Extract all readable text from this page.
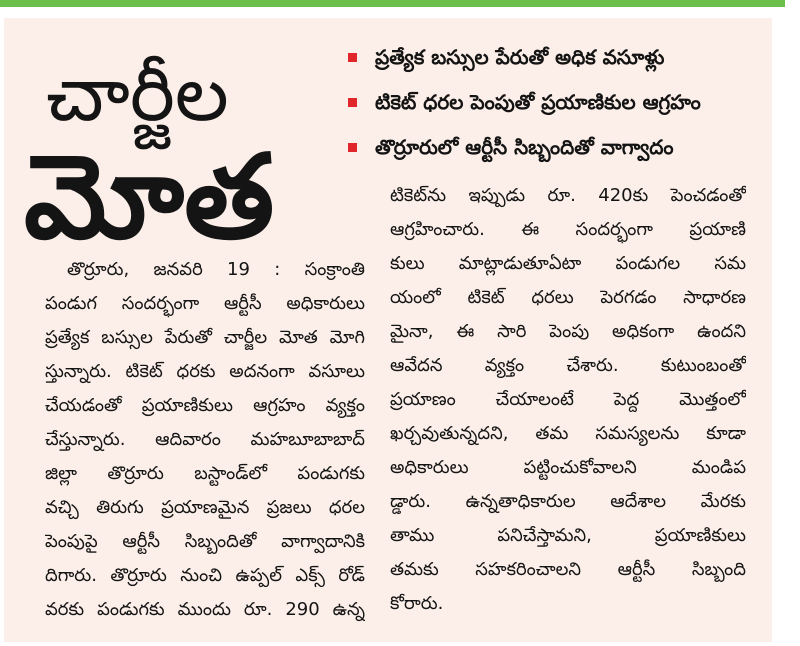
చార్జీల
మోత
ప్రత్యేక బస్సుల పేరుతో అధిక వసూళ్లు
టికెట్ ధరల పెంపుతో ప్రయాణికుల ఆగ్రహం
తొర్రూరులో ఆర్టీసీ సిబ్బందితో వాగ్వాదం
తొర్రూరు, జనవరి 19 : సంక్రాంతి
పండుగ సందర్భంగా ఆర్టీసీ అధికారులు
ప్రత్యేక బస్సుల పేరుతో చార్జీల మోత మోగి
స్తున్నారు. టికెట్ ధరకు అదనంగా వసూలు
చేయడంతో ప్రయాణికులు ఆగ్రహం వ్యక్తం
చేస్తున్నారు. ఆదివారం మహబూబాబాద్
జిల్లా తొర్రూరు బస్టాండ్‌లో పండుగకు
వచ్చి తిరుగు ప్రయాణమైన ప్రజలు ధరల
పెంపుపై ఆర్టీసీ సిబ్బందితో వాగ్వాదానికి
దిగారు. తొర్రూరు నుంచి ఉప్పల్ ఎక్స్ రోడ్
వరకు పండుగకు ముందు రూ. 290 ఉన్న
టికెట్‌ను ఇప్పుడు రూ. 420కు పెంచడంతో
ఆగ్రహించారు. ఈ సందర్భంగా ప్రయాణి
కులు మాట్లాడుతూఏటా పండుగల సమ
యంలో టికెట్ ధరలు పెరగడం సాధారణ
మైనా, ఈ సారి పెంపు అధికంగా ఉందని
ఆవేదన వ్యక్తం చేశారు. కుటుంబంతో
ప్రయాణం చేయాలంటే పెద్ద మొత్తంలో
ఖర్చవుతున్నదని, తమ సమస్యలను కూడా
అధికారులు పట్టించుకోవాలని మండిప
డ్డారు. ఉన్నతాధికారుల ఆదేశాల మేరకు
తాము పనిచేస్తామని, ప్రయాణికులు
తమకు సహకరించాలని ఆర్టీసీ సిబ్బంది
కోరారు.
